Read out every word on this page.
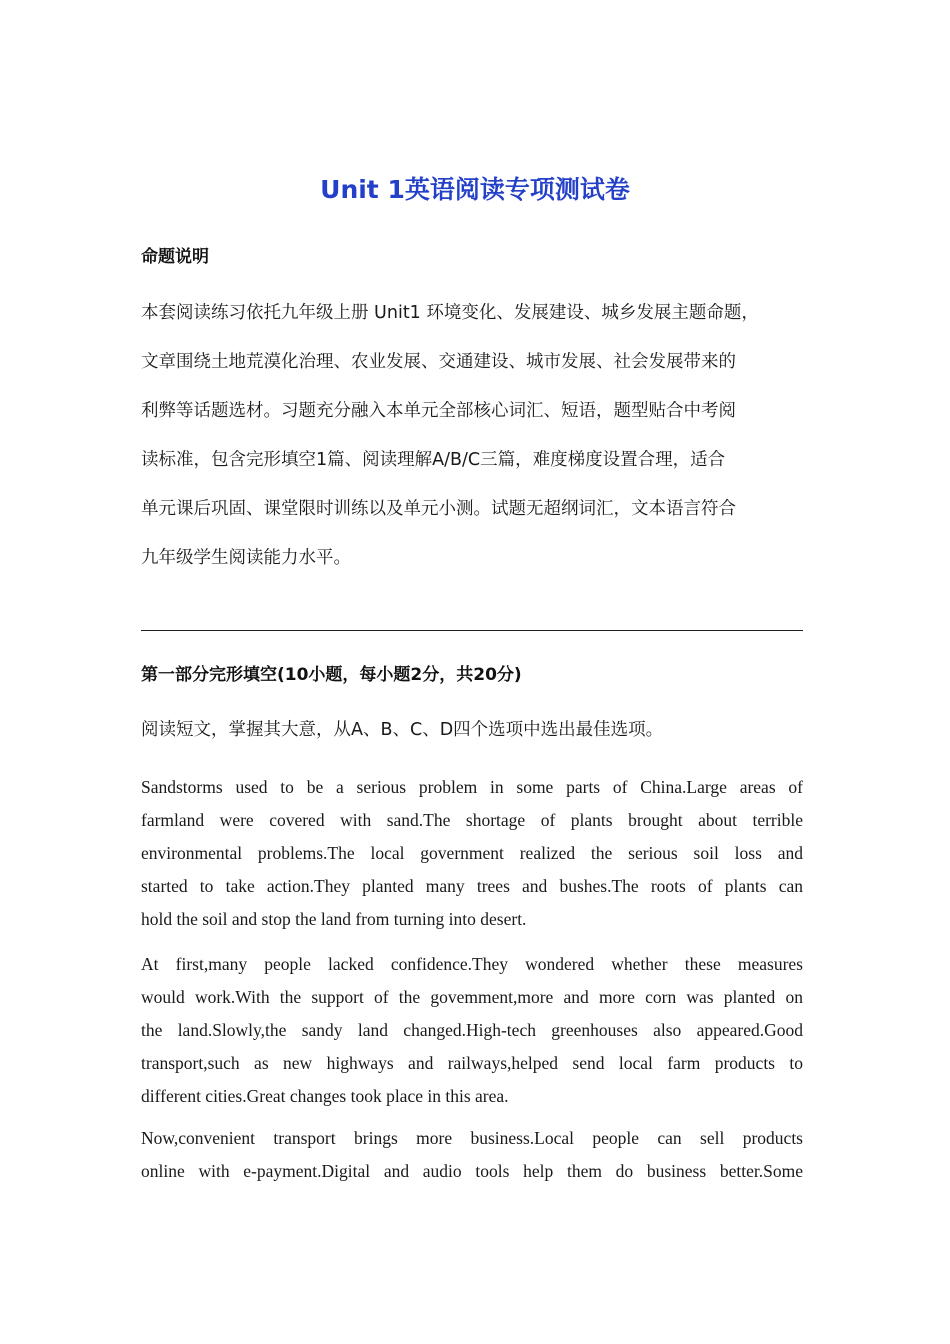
Unit 1英语阅读专项测试卷
命题说明
本套阅读练习依托九年级上册 Unit1 环境变化、发展建设、城乡发展主题命题，
文章围绕土地荒漠化治理、农业发展、交通建设、城市发展、社会发展带来的
利弊等话题选材。习题充分融入本单元全部核心词汇、短语，题型贴合中考阅
读标准，包含完形填空1篇、阅读理解A/B/C三篇，难度梯度设置合理，适合
单元课后巩固、课堂限时训练以及单元小测。试题无超纲词汇，文本语言符合
九年级学生阅读能力水平。
第一部分完形填空(10小题，每小题2分，共20分)
阅读短文，掌握其大意，从A、B、C、D四个选项中选出最佳选项。
Sandstorms used to be a serious problem in some parts of China.Large areas of
farmland were covered with sand.The shortage of plants brought about terrible
environmental problems.The local government realized the serious soil loss and
started to take action.They planted many trees and bushes.The roots of plants can
hold the soil and stop the land from turning into desert.
At first,many people lacked confidence.They wondered whether these measures
would work.With the support of the govemment,more and more corn was planted on
the land.Slowly,the sandy land changed.High-tech greenhouses also appeared.Good
transport,such as new highways and railways,helped send local farm products to
different cities.Great changes took place in this area.
Now,convenient transport brings more business.Local people can sell products
online with e-payment.Digital and audio tools help them do business better.Some
